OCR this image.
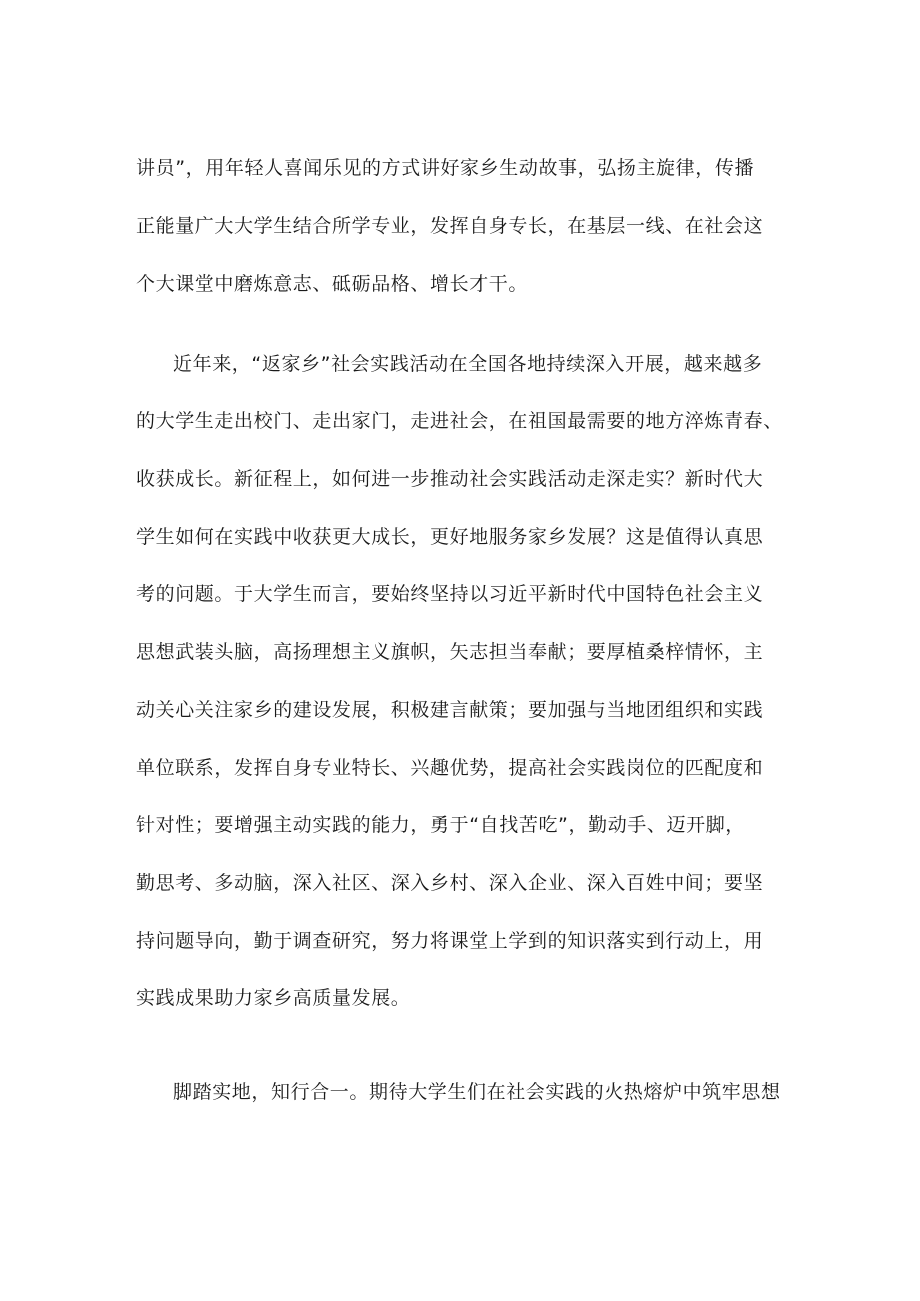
讲员”，用年轻人喜闻乐见的方式讲好家乡生动故事，弘扬主旋律，传播
正能量广大大学生结合所学专业，发挥自身专长，在基层一线、在社会这
个大课堂中磨炼意志、砥砺品格、增长才干。
近年来，“返家乡”社会实践活动在全国各地持续深入开展，越来越多
的大学生走出校门、走出家门，走进社会，在祖国最需要的地方淬炼青春、
收获成长。新征程上，如何进一步推动社会实践活动走深走实？新时代大
学生如何在实践中收获更大成长，更好地服务家乡发展？这是值得认真思
考的问题。于大学生而言，要始终坚持以习近平新时代中国特色社会主义
思想武装头脑，高扬理想主义旗帜，矢志担当奉献；要厚植桑梓情怀，主
动关心关注家乡的建设发展，积极建言献策；要加强与当地团组织和实践
单位联系，发挥自身专业特长、兴趣优势，提高社会实践岗位的匹配度和
针对性；要增强主动实践的能力，勇于“自找苦吃”，勤动手、迈开脚，
勤思考、多动脑，深入社区、深入乡村、深入企业、深入百姓中间；要坚
持问题导向，勤于调查研究，努力将课堂上学到的知识落实到行动上，用
实践成果助力家乡高质量发展。
脚踏实地，知行合一。期待大学生们在社会实践的火热熔炉中筑牢思想
